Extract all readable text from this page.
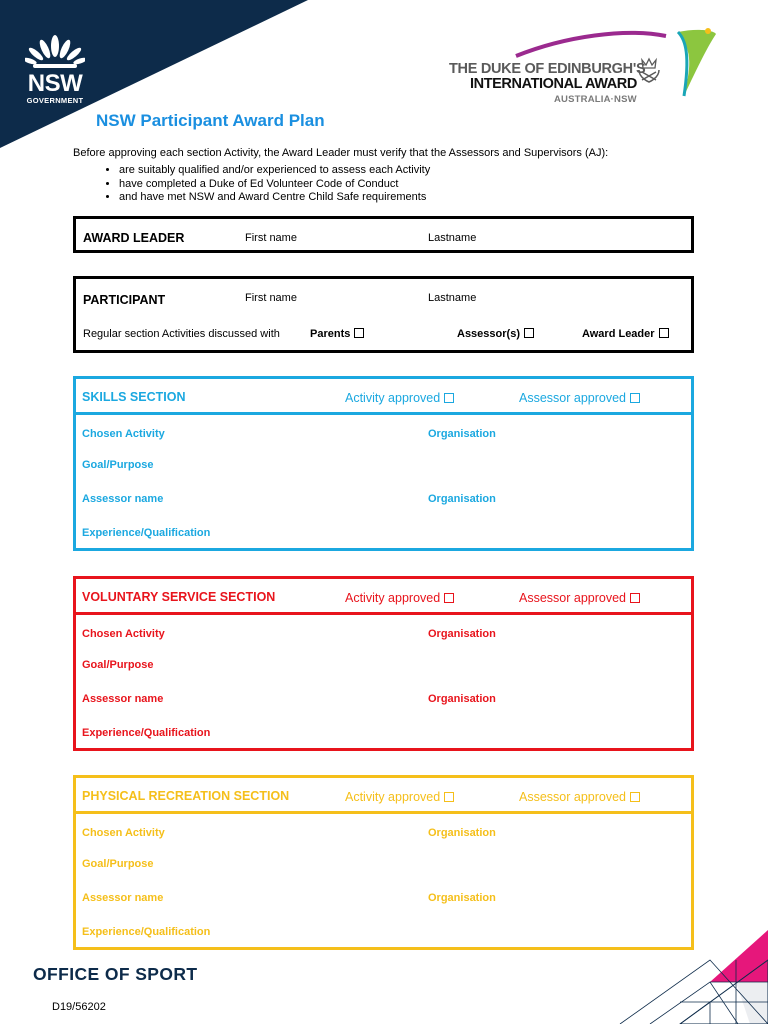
NSW
GOVERNMENT
THE DUKE OF EDINBURGH'S
INTERNATIONAL AWARD
AUSTRALIA·NSW
NSW Participant Award Plan
Before approving each section Activity, the Award Leader must verify that the Assessors and Supervisors (AJ):
• are suitably qualified and/or experienced to assess each Activity
• have completed a Duke of Ed Volunteer Code of Conduct
• and have met NSW and Award Centre Child Safe requirements
AWARD LEADER	First name	Lastname
PARTICIPANT	First name	Lastname
Regular section Activities discussed with	Parents	Assessor(s)	Award Leader
SKILLS SECTION	Activity approved	Assessor approved
Chosen Activity	Organisation
Goal/Purpose
Assessor name	Organisation
Experience/Qualification
VOLUNTARY SERVICE SECTION	Activity approved	Assessor approved
Chosen Activity	Organisation
Goal/Purpose
Assessor name	Organisation
Experience/Qualification
PHYSICAL RECREATION SECTION	Activity approved	Assessor approved
Chosen Activity	Organisation
Goal/Purpose
Assessor name	Organisation
Experience/Qualification
OFFICE OF SPORT
D19/56202
